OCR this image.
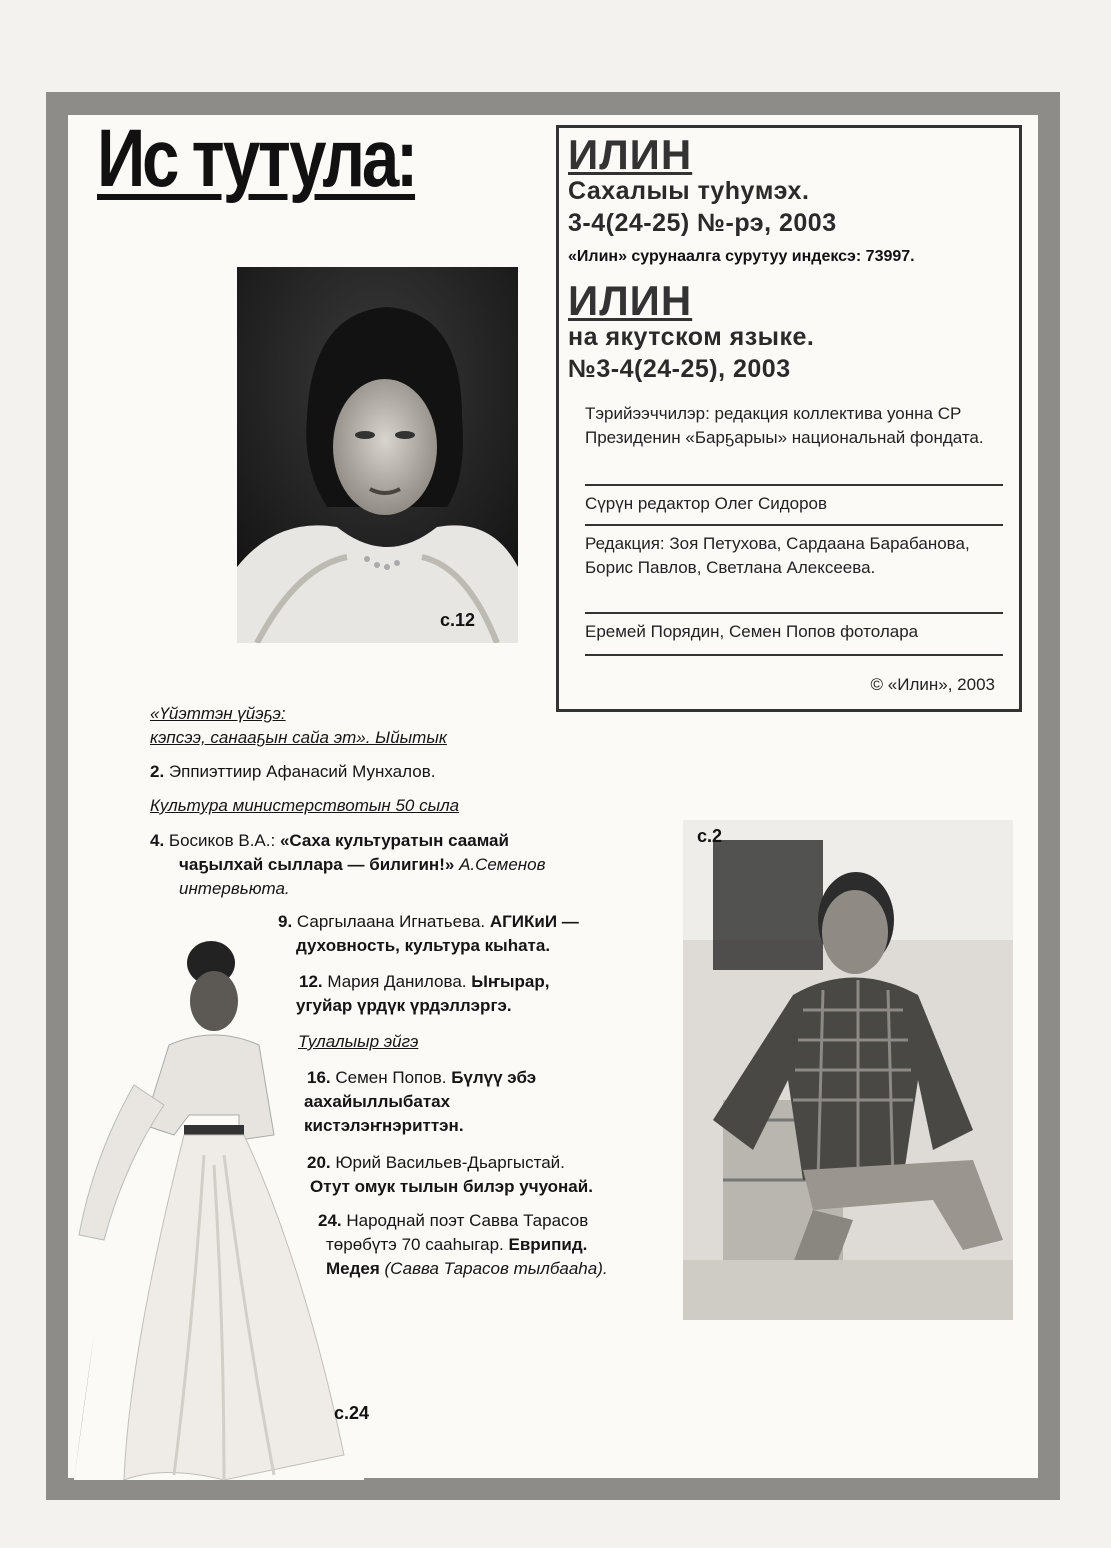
Ис тутула:	ИЛИН
Сахалыы тyhyмэх.
3-4(24-25) №-рэ, 2003
«Илин» сурунаалга сурутуу индексэ: 73997.
ИЛИН
на якутском языке.
№3-4(24-25), 2003
Тэрийээччилэр: редакция коллектива уонна СР Президенин «Барҕарыы» национальнай фондата.
Сүрүн редактор Олег Сидоров
Редакция: Зоя Петухова, Сардаана Барабанова, Борис Павлов, Светлана Алексеева.
Еремей Порядин, Семен Попов фотолара
© «Илин», 2003
с.12
с.2
с.24
«Үйэттэн үйэҕэ:
кэпсээ, санааҕын сайа эт». Ыйытык
2. Эппиэттиир Афанасий Мунхалов.
Культура министерствотын 50 сыла
4. Босиков В.А.: «Саха культуратын саамай
чаҕылхай сыллара — билигин!» А.Семенов
интервьюта.
9. Саргылаана Игнатьева. АГИКиИ —
духовность, культура кыhата.
12. Мария Данилова. Ыҥырар,
угуйар үрдүк үрдэллэргэ.
Тулалыыр эйгэ
16. Семен Попов. Бүлүү эбэ
аахайыллыбатах
кистэлэҥнэриттэн.
20. Юрий Васильев-Дьаргыстай.
Отут омук тылын билэр учуонай.
24. Народнай поэт Савва Тарасов
төрөбүтэ 70 сааhыгар. Еврипид.
Медея (Савва Тарасов тылбааhа).
